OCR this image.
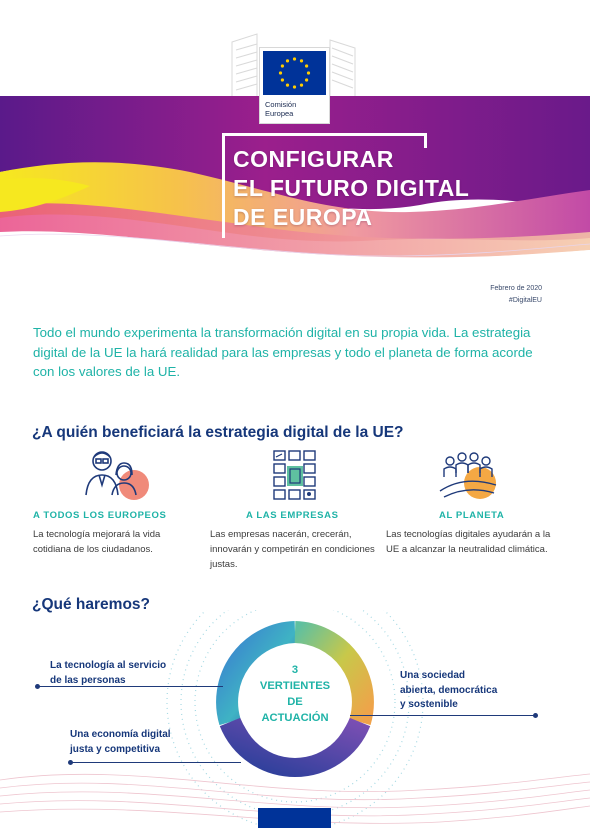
Comisión
Europea
CONFIGURAR
EL FUTURO DIGITAL
DE EUROPA
Febrero de 2020
#DigitalEU
Todo el mundo experimenta la transformación digital en su propia vida. La estrategia digital de la UE la hará realidad para las empresas y todo el planeta de forma acorde con los valores de la UE.
¿A quién beneficiará la estrategia digital de la UE?
A TODOS LOS EUROPEOS
La tecnología mejorará la vida cotidiana de los ciudadanos.
A LAS EMPRESAS
Las empresas nacerán, crecerán, innovarán y competirán en condiciones justas.
AL PLANETA
Las tecnologías digitales ayudarán a la UE a alcanzar la neutralidad climática.
¿Qué haremos?
3
VERTIENTES
DE
ACTUACIÓN
La tecnología al servicio
de las personas
Una economía digital
justa y competitiva
Una sociedad
abierta, democrática
y sostenible
